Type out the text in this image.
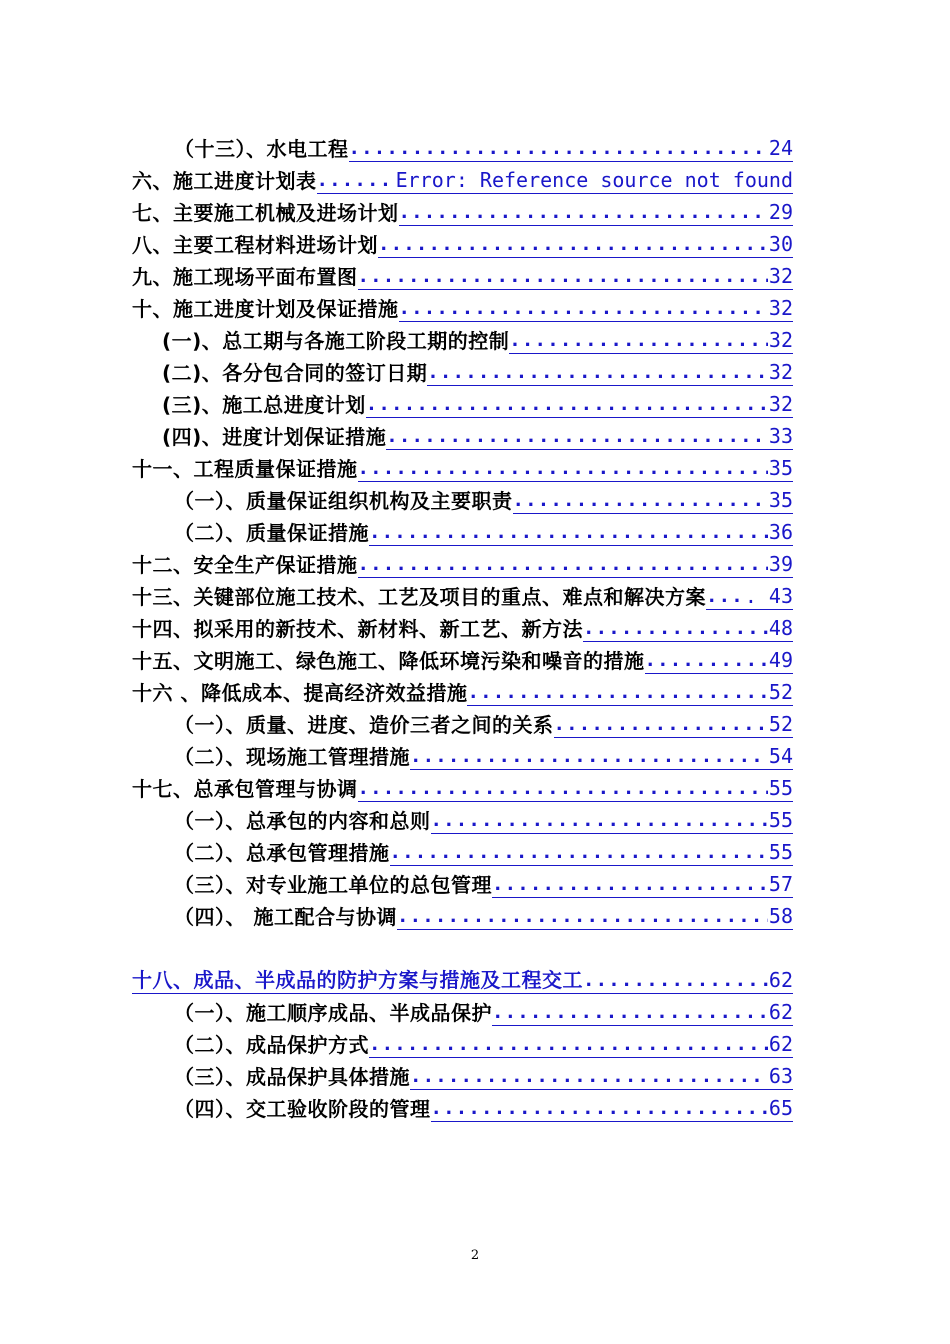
（十三）、水电工程 .....	24
六、施工进度计划表 .....	Error: Reference source not found
七、主要施工机械及进场计划 .....	29
八、主要工程材料进场计划 .....	30
九、施工现场平面布置图 .....	32
十、施工进度计划及保证措施 .....	32
(一)、总工期与各施工阶段工期的控制 .....	32
(二)、各分包合同的签订日期 .....	32
(三)、施工总进度计划 .....	32
(四)、进度计划保证措施 .....	33
十一、工程质量保证措施 .....	35
（一）、质量保证组织机构及主要职责 .....	35
（二）、质量保证措施 .....	36
十二、安全生产保证措施 .....	39
十三、关键部位施工技术、工艺及项目的重点、难点和解决方案 ..... . 43
十四、拟采用的新技术、新材料、新工艺、新方法 .....	48
十五、文明施工、绿色施工、降低环境污染和噪音的措施 .....	49
十六 、降低成本、提高经济效益措施 .....	52
（一）、质量、进度、造价三者之间的关系 .....	52
（二）、现场施工管理措施 .....	54
十七、总承包管理与协调 .....	55
（一）、总承包的内容和总则 .....	55
（二）、总承包管理措施 .....	55
（三）、对专业施工单位的总包管理 .....	57
（四）、 施工配合与协调 .....	58
十八、成品、半成品的防护方案与措施及工程交工 .....	62
（一）、施工顺序成品、半成品保护 .....	62
（二）、成品保护方式 .....	62
（三）、成品保护具体措施 .....	63
（四）、交工验收阶段的管理 .....	65
2
